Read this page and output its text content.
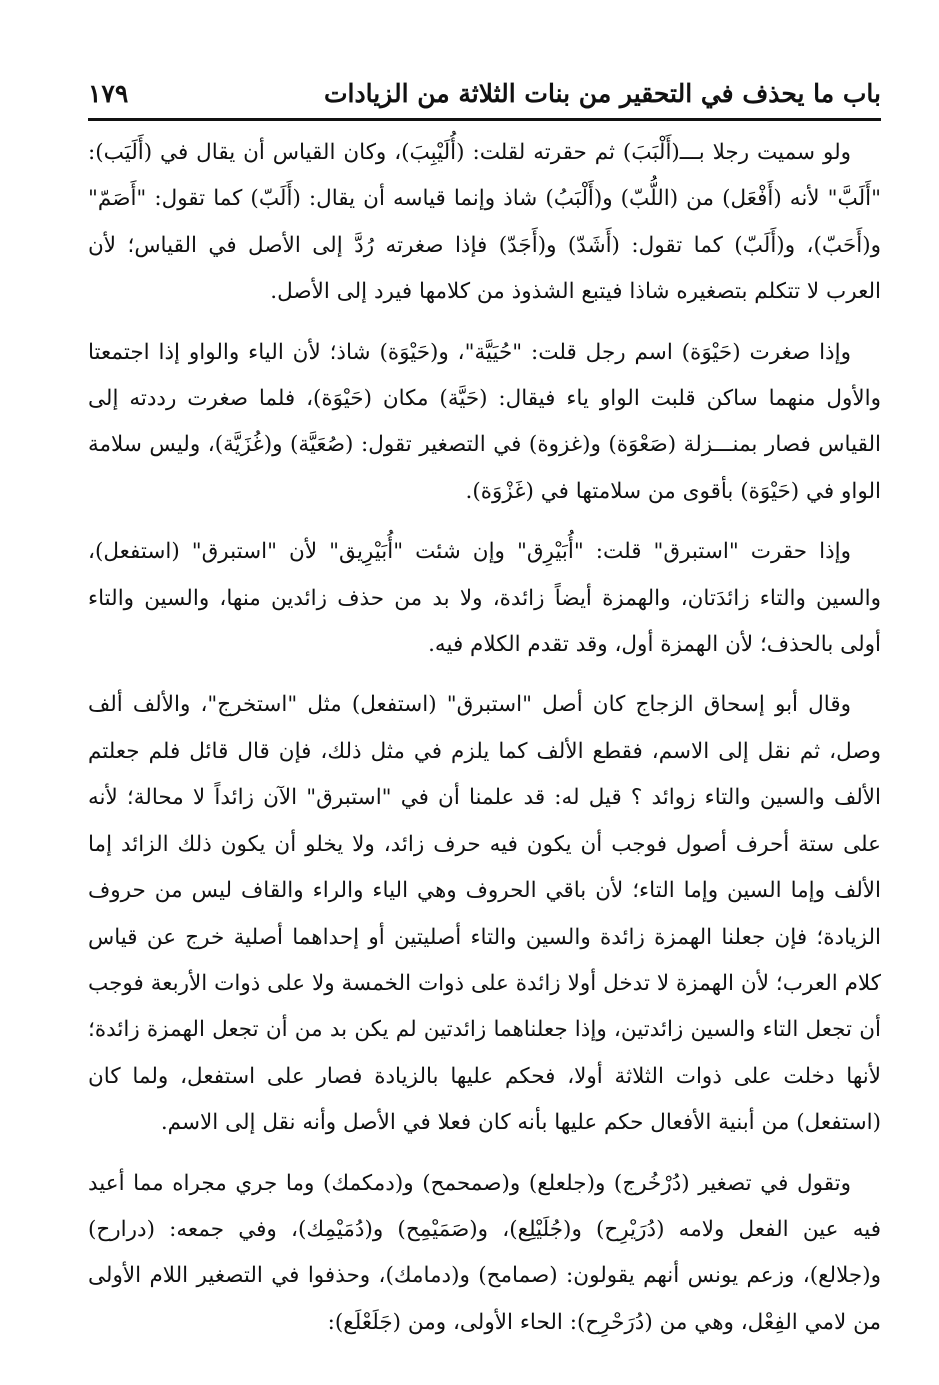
باب ما يحذف في التحقير من بنات الثلاثة من الزيادات
١٧٩

ولو سميت رجلا بـــ(أَلْبَبَ) ثم حقرته لقلت: (أُلَيْبِبَ)، وكان القياس أن يقال في (أَلَيَب): "أَلَبَّ" لأنه (أَفْعَل) من (اللُّبّ) و(أَلْبَبُ) شاذ وإنما قياسه أن يقال: (أَلَبّ) كما تقول: "أَصَمّ" و(أَحَبّ)، و(أَلَبّ) كما تقول: (أَشَدّ) و(أَجَدّ) فإذا صغرته رُدَّ إلى الأصل في القياس؛ لأن العرب لا تتكلم بتصغيره شاذا فيتبع الشذوذ من كلامها فيرد إلى الأصل.

وإذا صغرت (حَيْوَة) اسم رجل قلت: "حُيَيَّة"، و(حَيْوَة) شاذ؛ لأن الياء والواو إذا اجتمعتا والأول منهما ساكن قلبت الواو ياء فيقال: (حَيَّة) مكان (حَيْوَة)، فلما صغرت رددته إلى القياس فصار بمنـــزلة (صَعْوَة) و(غزوة) في التصغير تقول: (صُعَيَّة) و(غُزَيَّة)، وليس سلامة الواو في (حَيْوَة) بأقوى من سلامتها في (غَزْوَة).

وإذا حقرت "استبرق" قلت: "أُبَيْرِق" وإن شئت "أُبَيْرِيق" لأن "استبرق" (استفعل)، والسين والتاء زائدَتان، والهمزة أيضاً زائدة، ولا بد من حذف زائدين منها، والسين والتاء أولى بالحذف؛ لأن الهمزة أول، وقد تقدم الكلام فيه.

وقال أبو إسحاق الزجاج كان أصل "استبرق" (استفعل) مثل "استخرج"، والألف ألف وصل، ثم نقل إلى الاسم، فقطع الألف كما يلزم في مثل ذلك، فإن قال قائل فلم جعلتم الألف والسين والتاء زوائد ؟ قيل له: قد علمنا أن في "استبرق" الآن زائداً لا محالة؛ لأنه على ستة أحرف أصول فوجب أن يكون فيه حرف زائد، ولا يخلو أن يكون ذلك الزائد إما الألف وإما السين وإما التاء؛ لأن باقي الحروف وهي الياء والراء والقاف ليس من حروف الزيادة؛ فإن جعلنا الهمزة زائدة والسين والتاء أصليتين أو إحداهما أصلية خرج عن قياس كلام العرب؛ لأن الهمزة لا تدخل أولا زائدة على ذوات الخمسة ولا على ذوات الأربعة فوجب أن تجعل التاء والسين زائدتين، وإذا جعلناهما زائدتين لم يكن بد من أن تجعل الهمزة زائدة؛ لأنها دخلت على ذوات الثلاثة أولا، فحكم عليها بالزيادة فصار على استفعل، ولما كان (استفعل) من أبنية الأفعال حكم عليها بأنه كان فعلا في الأصل وأنه نقل إلى الاسم.

وتقول في تصغير (دُرْخُرج) و(جلعلع) و(صمحمح) و(دمكمك) وما جري مجراه مما أعيد فيه عين الفعل ولامه (دُرَيْرِح) و(جُلَيْلِع)، و(صَمَيْمِح) و(دُمَيْمِك)، وفي جمعه: (درارح) و(جلالع)، وزعم يونس أنهم يقولون: (صمامح) و(دمامك)، وحذفوا في التصغير اللام الأولى من لامي الفِعْل، وهي من (دُرَحْرِح): الحاء الأولى، ومن (جَلَعْلَع):
